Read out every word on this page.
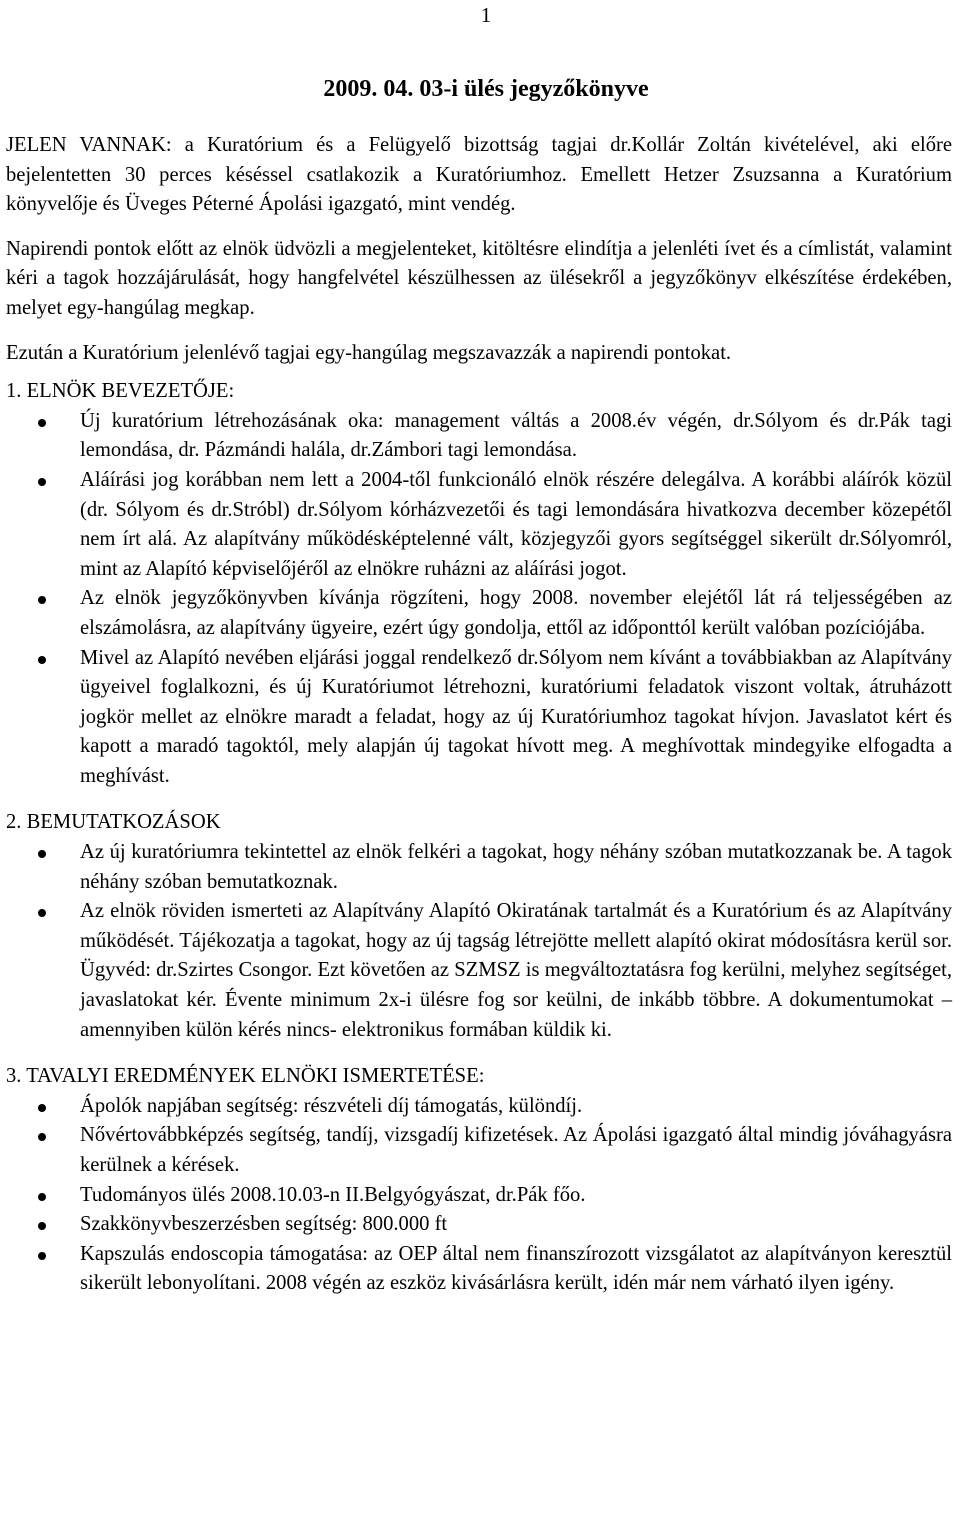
1
2009. 04. 03-i ülés jegyzőkönyve

JELEN VANNAK: a Kuratórium és a Felügyelő bizottság tagjai dr.Kollár Zoltán kivételével, aki előre bejelentetten 30 perces késéssel csatlakozik a Kuratóriumhoz. Emellett Hetzer Zsuzsanna a Kuratórium könyvelője és Üveges Péterné Ápolási igazgató, mint vendég.

Napirendi pontok előtt az elnök üdvözli a megjelenteket, kitöltésre elindítja a jelenléti ívet és a címlistát, valamint kéri a tagok hozzájárulását, hogy hangfelvétel készülhessen az ülésekről a jegyzőkönyv elkészítése érdekében, melyet egy-hangúlag megkap.

Ezután a Kuratórium jelenlévő tagjai egy-hangúlag megszavazzák a napirendi pontokat.

1. ELNÖK BEVEZETŐJE:

Új kuratórium létrehozásának oka: management váltás a 2008.év végén, dr.Sólyom és dr.Pák tagi lemondása, dr. Pázmándi halála, dr.Zámbori tagi lemondása.
Aláírási jog korábban nem lett a 2004-től funkcionáló elnök részére delegálva. A korábbi aláírók közül (dr. Sólyom és dr.Stróbl) dr.Sólyom kórházvezetői és tagi lemondására hivatkozva december közepétől nem írt alá. Az alapítvány működésképtelenné vált, közjegyzői gyors segítséggel sikerült dr.Sólyomról, mint az Alapító képviselőjéről az elnökre ruházni az aláírási jogot.
Az elnök jegyzőkönyvben kívánja rögzíteni, hogy 2008. november elejétől lát rá teljességében az elszámolásra, az alapítvány ügyeire, ezért úgy gondolja, ettől az időponttól került valóban pozíciójába.
Mivel az Alapító nevében eljárási joggal rendelkező dr.Sólyom nem kívánt a továbbiakban az Alapítvány ügyeivel foglalkozni, és új Kuratóriumot létrehozni, kuratóriumi feladatok viszont voltak, átruházott jogkör mellet az elnökre maradt a feladat, hogy az új Kuratóriumhoz tagokat hívjon. Javaslatot kért és kapott a maradó tagoktól, mely alapján új tagokat hívott meg. A meghívottak mindegyike elfogadta a meghívást.

2. BEMUTATKOZÁSOK

Az új kuratóriumra tekintettel az elnök felkéri a tagokat, hogy néhány szóban mutatkozzanak be. A tagok néhány szóban bemutatkoznak.
Az elnök röviden ismerteti az Alapítvány Alapító Okiratának tartalmát és a Kuratórium és az Alapítvány működését. Tájékozatja a tagokat, hogy az új tagság létrejötte mellett alapító okirat módosításra kerül sor. Ügyvéd: dr.Szirtes Csongor. Ezt követően az SZMSZ is megváltoztatásra fog kerülni, melyhez segítséget, javaslatokat kér. Évente minimum 2x-i ülésre fog sor keülni, de inkább többre. A dokumentumokat –amennyiben külön kérés nincs- elektronikus formában küldik ki.

3. TAVALYI EREDMÉNYEK ELNÖKI ISMERTETÉSE:

Ápolók napjában segítség: részvételi díj támogatás, különdíj.
Nővértovábbképzés segítség, tandíj, vizsgadíj kifizetések. Az Ápolási igazgató által mindig jóváhagyásra kerülnek a kérések.
Tudományos ülés 2008.10.03-n II.Belgyógyászat, dr.Pák főo.
Szakkönyvbeszerzésben segítség: 800.000 ft
Kapszulás endoscopia támogatása: az OEP által nem finanszírozott vizsgálatot az alapítványon keresztül sikerült lebonyolítani. 2008 végén az eszköz kivásárlásra került, idén már nem várható ilyen igény.
